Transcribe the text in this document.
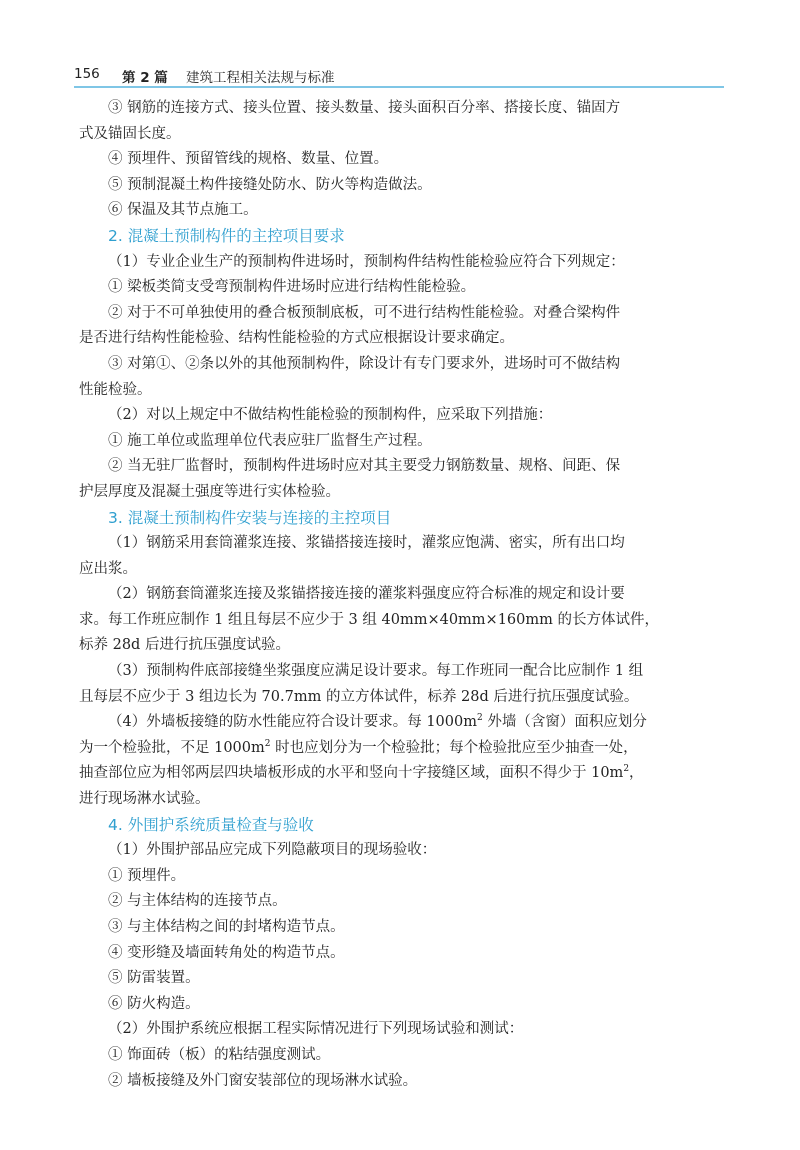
156 第 2 篇 建筑工程相关法规与标准
③ 钢筋的连接方式、接头位置、接头数量、接头面积百分率、搭接长度、锚固方
式及锚固长度。
④ 预埋件、预留管线的规格、数量、位置。
⑤ 预制混凝土构件接缝处防水、防火等构造做法。
⑥ 保温及其节点施工。
2. 混凝土预制构件的主控项目要求
（1）专业企业生产的预制构件进场时，预制构件结构性能检验应符合下列规定：
① 梁板类简支受弯预制构件进场时应进行结构性能检验。
② 对于不可单独使用的叠合板预制底板，可不进行结构性能检验。对叠合梁构件
是否进行结构性能检验、结构性能检验的方式应根据设计要求确定。
③ 对第①、②条以外的其他预制构件，除设计有专门要求外，进场时可不做结构
性能检验。
（2）对以上规定中不做结构性能检验的预制构件，应采取下列措施：
① 施工单位或监理单位代表应驻厂监督生产过程。
② 当无驻厂监督时，预制构件进场时应对其主要受力钢筋数量、规格、间距、保
护层厚度及混凝土强度等进行实体检验。
3. 混凝土预制构件安装与连接的主控项目
（1）钢筋采用套筒灌浆连接、浆锚搭接连接时，灌浆应饱满、密实，所有出口均
应出浆。
（2）钢筋套筒灌浆连接及浆锚搭接连接的灌浆料强度应符合标准的规定和设计要
求。每工作班应制作 1 组且每层不应少于 3 组 40mm×40mm×160mm 的长方体试件，
标养 28d 后进行抗压强度试验。
（3）预制构件底部接缝坐浆强度应满足设计要求。每工作班同一配合比应制作 1 组
且每层不应少于 3 组边长为 70.7mm 的立方体试件，标养 28d 后进行抗压强度试验。
（4）外墙板接缝的防水性能应符合设计要求。每 $1000m^2$ 外墙（含窗）面积应划分
为一个检验批，不足 $1000m^2$ 时也应划分为一个检验批；每个检验批应至少抽查一处，
抽查部位应为相邻两层四块墙板形成的水平和竖向十字接缝区域，面积不得少于 $10m^2$，
进行现场淋水试验。
4. 外围护系统质量检查与验收
（1）外围护部品应完成下列隐蔽项目的现场验收：
① 预埋件。
② 与主体结构的连接节点。
③ 与主体结构之间的封堵构造节点。
④ 变形缝及墙面转角处的构造节点。
⑤ 防雷装置。
⑥ 防火构造。
（2）外围护系统应根据工程实际情况进行下列现场试验和测试：
① 饰面砖（板）的粘结强度测试。
② 墙板接缝及外门窗安装部位的现场淋水试验。
